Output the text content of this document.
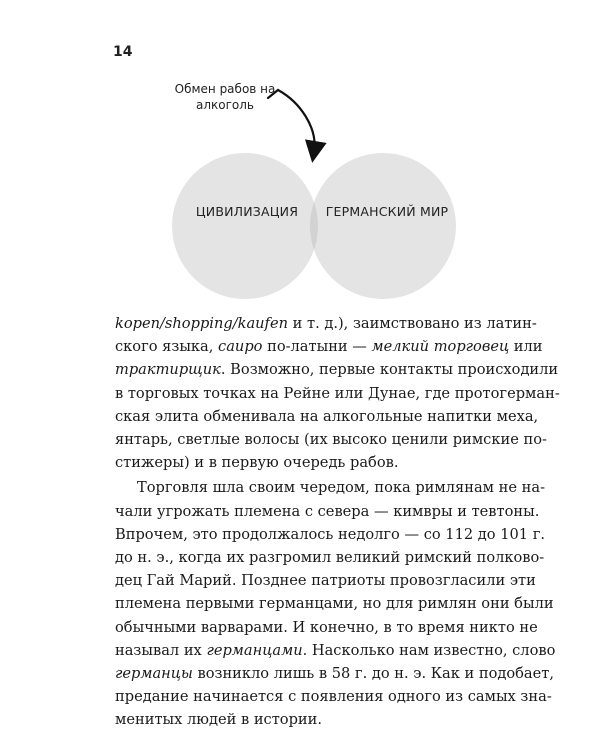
14
Обмен рабов на
алкоголь
ЦИВИЛИЗАЦИЯ	ГЕРМАНСКИЙ МИР
kopen/shopping/kaufen и т. д.), заимствовано из латин-
ского языка, caupo по-латыни — мелкий торговец или
трактирщик. Возможно, первые контакты происходили
в торговых точках на Рейне или Дунае, где протогерман-
ская элита обменивала на алкогольные напитки меха,
янтарь, светлые волосы (их высоко ценили римские по-
стижеры) и в первую очередь рабов.
Торговля шла своим чередом, пока римлянам не на-
чали угрожать племена с севера — кимвры и тевтоны.
Впрочем, это продолжалось недолго — со 112 до 101 г.
до н. э., когда их разгромил великий римский полково-
дец Гай Марий. Позднее патриоты провозгласили эти
племена первыми германцами, но для римлян они были
обычными варварами. И конечно, в то время никто не
называл их германцами. Насколько нам известно, слово
германцы возникло лишь в 58 г. до н. э. Как и подобает,
предание начинается с появления одного из самых зна-
менитых людей в истории.
